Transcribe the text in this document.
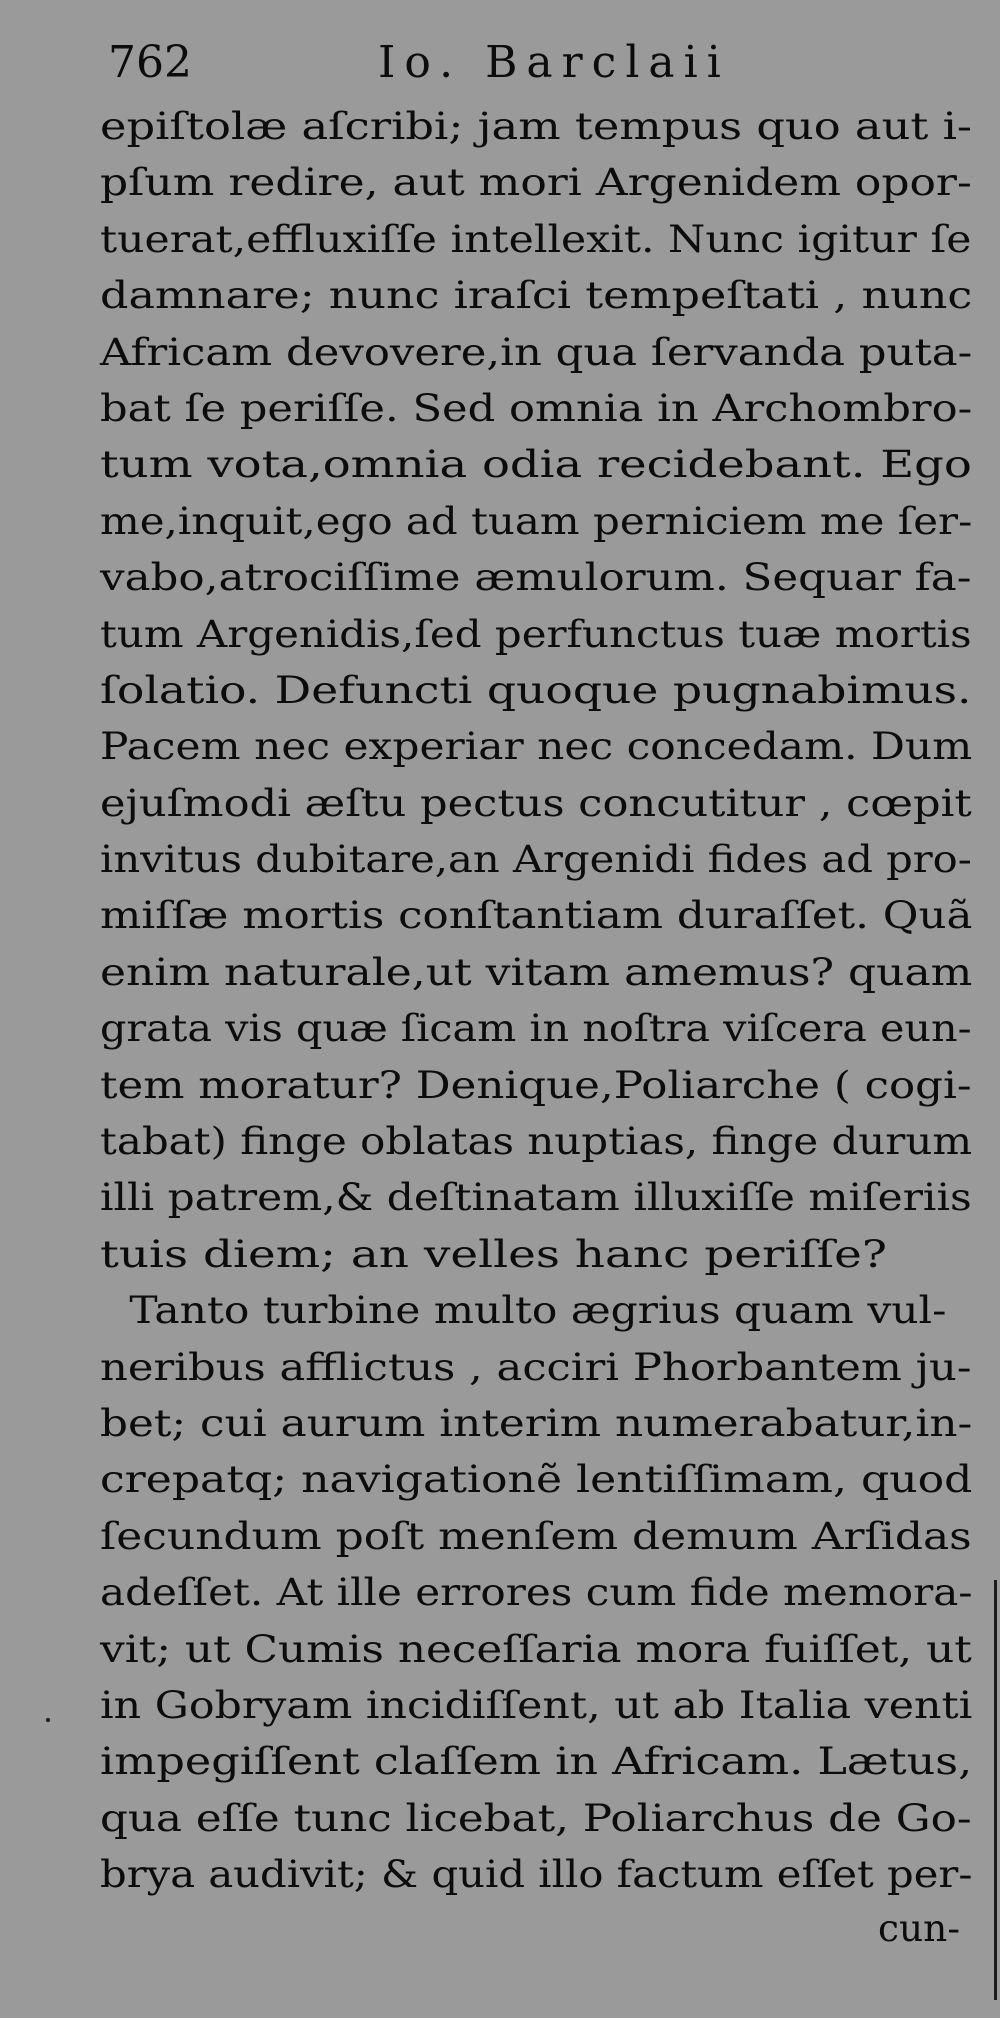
762	Io. Barclaii
epiſtolæ aſcribi; jam tempus quo aut i-
pſum redire, aut mori Argenidem opor-
tuerat,effluxiſſe intellexit. Nunc igitur ſe
damnare; nunc iraſci tempeſtati , nunc
Africam devovere,in qua ſervanda puta-
bat ſe periſſe. Sed omnia in Archombro-
tum vota,omnia odia recidebant. Ego
me,inquit,ego ad tuam perniciem me ſer-
vabo,atrociſſime æmulorum. Sequar fa-
tum Argenidis,ſed perfunctus tuæ mortis
ſolatio. Defuncti quoque pugnabimus.
Pacem nec experiar nec concedam. Dum
ejuſmodi æſtu pectus concutitur , cœpit
invitus dubitare,an Argenidi fides ad pro-
miſſæ mortis conſtantiam duraſſet. Quã
enim naturale,ut vitam amemus? quam
grata vis quæ ſicam in noſtra viſcera eun-
tem moratur? Denique,Poliarche ( cogi-
tabat) finge oblatas nuptias, finge durum
illi patrem,& deſtinatam illuxiſſe miſeriis
tuis diem; an velles hanc periſſe?
Tanto turbine multo ægrius quam vul-
neribus afflictus , acciri Phorbantem ju-
bet; cui aurum interim numerabatur,in-
crepatq; navigationẽ lentiſſimam, quod
ſecundum poſt menſem demum Arſidas
adeſſet. At ille errores cum fide memora-
vit; ut Cumis neceſſaria mora fuiſſet, ut
in Gobryam incidiſſent, ut ab Italia venti
impegiſſent claſſem in Africam. Lætus,
qua eſſe tunc licebat, Poliarchus de Go-
brya audivit; & quid illo factum eſſet per-
cun-
